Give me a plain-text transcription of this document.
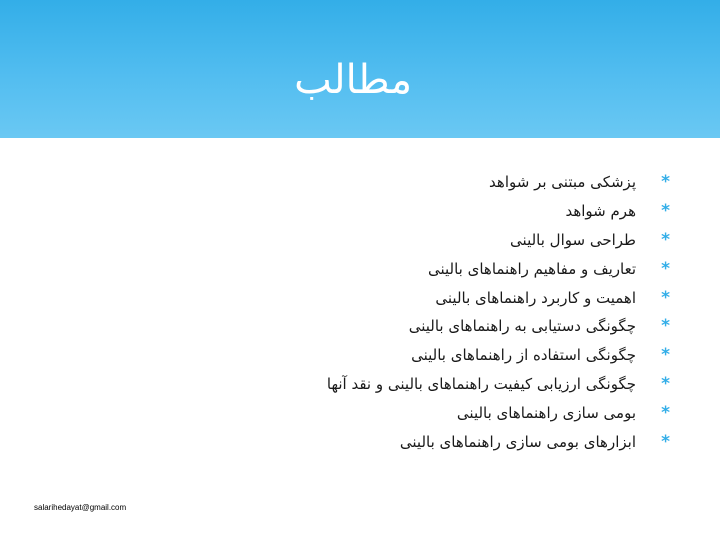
مطالب
*
پزشکی مبتنی بر شواهد
*
هرم شواهد
*
طراحی سوال بالینی
*
تعاریف و مفاهیم راهنماهای بالینی
*
اهمیت و کاربرد راهنماهای بالینی
*
چگونگی دستیابی به راهنماهای بالینی
*
چگونگی استفاده از راهنماهای بالینی
*
چگونگی ارزیابی کیفیت راهنماهای بالینی و نقد آنها
*
بومی سازی راهنماهای بالینی
*
ابزارهای بومی سازی راهنماهای بالینی
salarihedayat@gmail.com
